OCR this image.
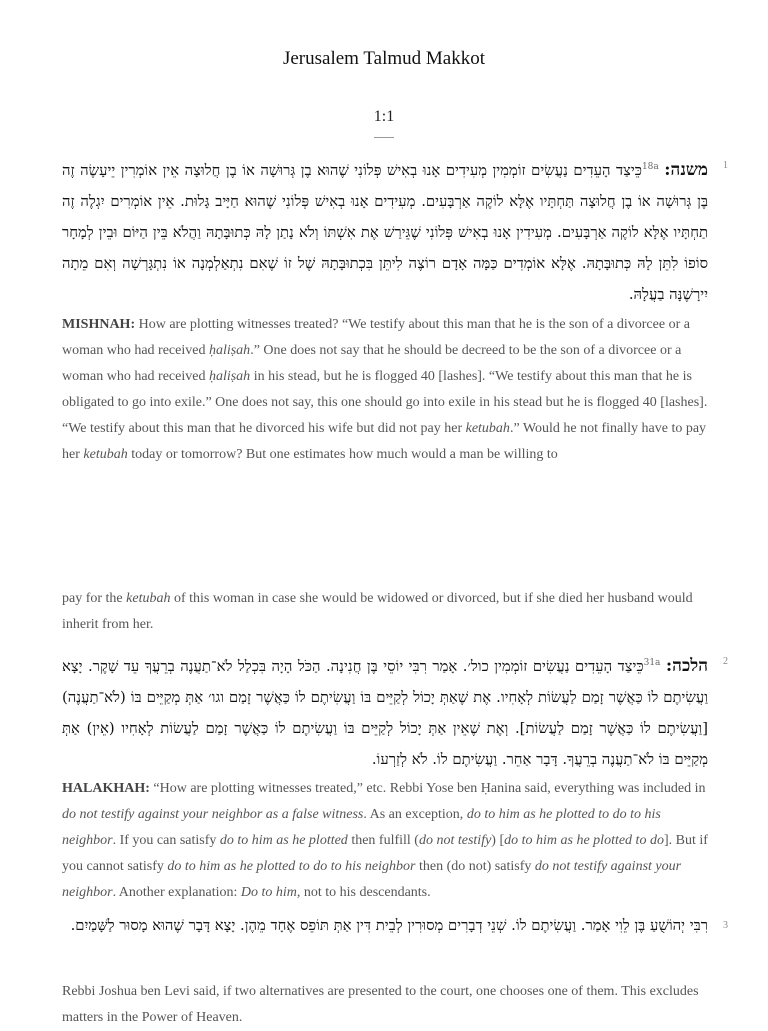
Jerusalem Talmud Makkot
1:1
1
משנה: $^{18a}$כֵּיצַד הָעֵדִים נַעֲשִׂים זוֹמְמִין מְעִידִים אָנוּ בְאִישׁ פְּלוֹנִי שֶׁהוּא בֶן גְּרוּשָׁה אוֹ בֶן חֲלוּצָה אֵין אוֹמְרִין יֵיעָשֶׂה זֶה בֶּן גְּרוּשָׁה אוֹ בֶן חֲלוּצָה תַּחְתָּיו אֶלָּא לוֹקֶה אַרְבָּעִים. מְעִידִים אָנוּ בְאִישׁ פְּלוֹנִי שֶׁהוּא חַיָּיב גָּלוּת. אֵין אוֹמְרִים יִגְלֶה זֶה תַחְתָּיו אֶלָּא לוֹקֶה אַרְבָּעִים. מְעִידִין אָנוּ בְאִישׁ פְּלוֹנִי שֶׁגֵּירַשׁ אֶת אִשְׁתּוֹ וְלֹא נָתַן לָהּ כְּתוּבָּתָהּ וַהֲלֹא בֵּין הַיּוֹם וּבֵין לְמָחָר סוֹפוֹ לִתֵּן לָהּ כְּתוּבָּתָהּ. אֶלָּא אוֹמְדִים כַּמָּה אָדָם רוֹצֶה לִיתֵּן בִּכְתוּבָּתָהּ שֶׁל זוֹ שֶׁאִם נִתְאַלְמְנָה אוֹ נִתְגָּרְשָׁה וְאִם מֵתָה יִירָשֶׁנָּה בַעֲלָהּ.
MISHNAH: How are plotting witnesses treated? “We testify about this man that he is the son of a divorcee or a woman who had received ḥaliṣah.” One does not say that he should be decreed to be the son of a divorcee or a woman who had received ḥaliṣah in his stead, but he is flogged 40 [lashes]. “We testify about this man that he is obligated to go into exile.” One does not say, this one should go into exile in his stead but he is flogged 40 [lashes]. “We testify about this man that he divorced his wife but did not pay her ketubah.” Would he not finally have to pay her ketubah today or tomorrow? But one estimates how much would a man be willing to
pay for the ketubah of this woman in case she would be widowed or divorced, but if she died her husband would inherit from her.
2
הלכה: $^{31a}$כֵּיצַד הָעֵדִים נַעֲשִׂים זוֹמְמִין כול׳. אָמַר רִבִּי יוֹסֵי בֶּן חֲנִינָה. הַכֹּל הָיָה בִּכְלַל לֹא־תַעֲנֶה בְרֵעֲךָ עֵד שָׁקֶר. יָצָא וַעֲשִׂיתֶם לוֹ כַּאֲשֶׁר זָמַם לַעֲשׂוֹת לְאָחִיו. אֶת שֶׁאַתְּ יָכוֹל לְקַיֵּים בּוֹ וַעֲשִׂיתֶם לוֹ כַּאֲשֶׁר זָמַם וגו׳ אַתְּ מְקַיֵּים בּוֹ (לֹא־תַעֲנֶה) [וַעֲשִׂיתֶם לוֹ כַּאֲשֶׁר זָמַם לַעֲשׂוֹת]. וְאֶת שֶׁאֵין אַתְּ יָכוֹל לְקַיֵּים בּוֹ וַעֲשִׂיתֶם לוֹ כַּאֲשֶׁר זָמַם לַעֲשׂוֹת לְאָחִיו (אֵין) אַתְּ מְקַיֵּים בּוֹ לֹא־תַעֲנֶה בְרֵעֲךָ. דָּבָר אַחֵר. וַעֲשִׂיתֶם לוֹ. לֹא לְזַרְעוֹ.
HALAKHAH: “How are plotting witnesses treated,” etc. Rebbi Yose ben Ḥanina said, everything was included in do not testify against your neighbor as a false witness. As an exception, do to him as he plotted to do to his neighbor. If you can satisfy do to him as he plotted then fulfill (do not testify) [do to him as he plotted to do]. But if you cannot satisfy do to him as he plotted to do to his neighbor then (do not) satisfy do not testify against your neighbor. Another explanation: Do to him, not to his descendants.
3
רִבִּי יְהוֹשֻׁעַ בֶּן לֵוִי אָמַר. וַעֲשִׂיתֶם לוֹ. שְׁנֵי דְבָרִים מְסוּרִין לְבֵית דִּין אַתְּ תּוֹפֵס אֶחָד מֵהֶן. יָצָא דָּבָר שֶׁהוּא מָסוּר לַשָּׁמַיִם.
Rebbi Joshua ben Levi said, if two alternatives are presented to the court, one chooses one of them. This excludes matters in the Power of Heaven.
